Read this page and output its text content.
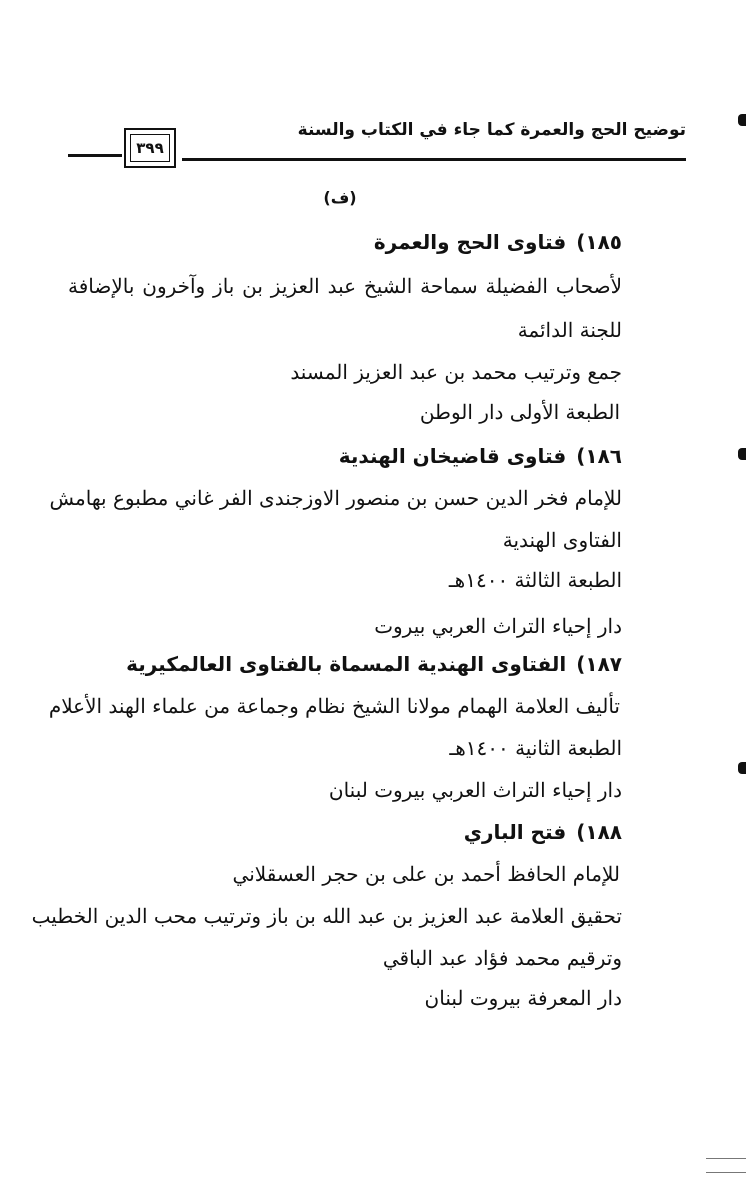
توضيح الحج والعمرة كما جاء في الكتاب والسنة
٣٩٩
(ف)
١٨٥)فتاوى الحج والعمرة
لأصحاب الفضيلة سماحة الشيخ عبد العزيز بن باز وآخرون بالإضافة
للجنة الدائمة
جمع وترتيب محمد بن عبد العزيز المسند
الطبعة الأولى دار الوطن
١٨٦)فتاوى قاضيخان الهندية
للإمام فخر الدين حسن بن منصور الاوزجندى الفر غاني مطبوع بهامش
الفتاوى الهندية
الطبعة الثالثة ١٤٠٠هـ
دار إحياء التراث العربي بيروت
١٨٧)الفتاوى الهندية المسماة بالفتاوى العالمكيرية
تأليف العلامة الهمام مولانا الشيخ نظام وجماعة من علماء الهند الأعلام
الطبعة الثانية ١٤٠٠هـ
دار إحياء التراث العربي بيروت لبنان
١٨٨)فتح الباري
للإمام الحافظ أحمد بن على بن حجر العسقلاني
تحقيق العلامة عبد العزيز بن عبد الله بن باز وترتيب محب الدين الخطيب
وترقيم محمد فؤاد عبد الباقي
دار المعرفة بيروت لبنان
